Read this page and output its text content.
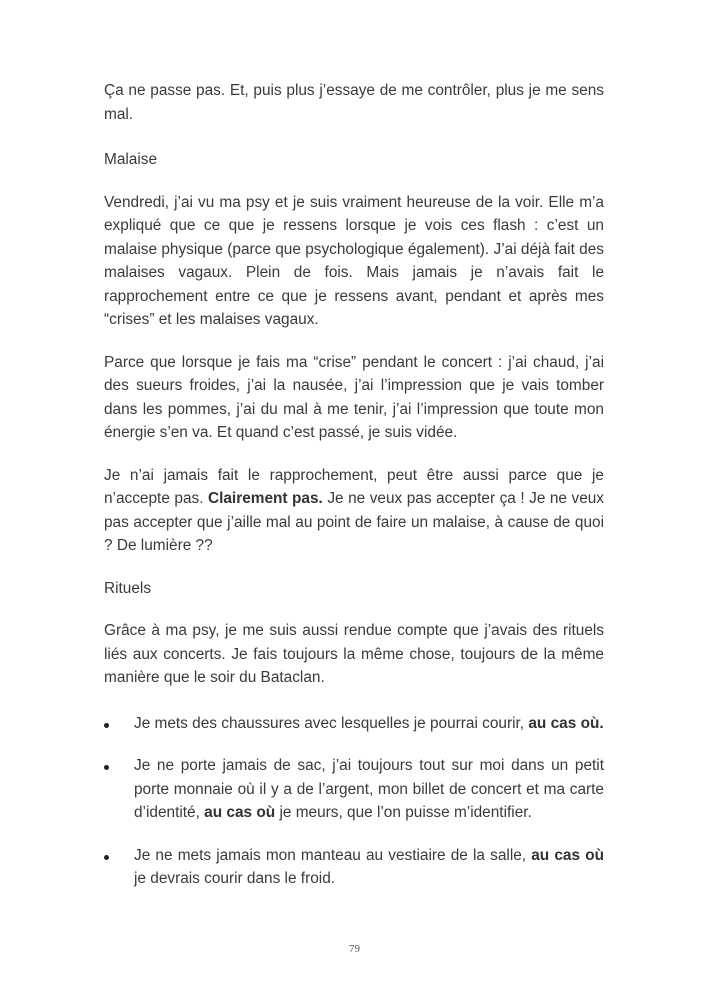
Ça ne passe pas. Et, puis plus j’essaye de me contrôler, plus je me sens mal.

Malaise

Vendredi, j’ai vu ma psy et je suis vraiment heureuse de la voir. Elle m’a expliqué que ce que je ressens lorsque je vois ces flash : c’est un malaise physique (parce que psychologique également). J’ai déjà fait des malaises vagaux. Plein de fois. Mais jamais je n’avais fait le rapprochement entre ce que je ressens avant, pendant et après mes “crises” et les malaises vagaux.

Parce que lorsque je fais ma “crise” pendant le concert : j’ai chaud, j’ai des sueurs froides, j’ai la nausée, j’ai l’impression que je vais tomber dans les pommes, j’ai du mal à me tenir, j’ai l’impression que toute mon énergie s’en va. Et quand c’est passé, je suis vidée.

Je n’ai jamais fait le rapprochement, peut être aussi parce que je n’accepte pas. Clairement pas. Je ne veux pas accepter ça ! Je ne veux pas accepter que j’aille mal au point de faire un malaise, à cause de quoi ? De lumière ??

Rituels

Grâce à ma psy, je me suis aussi rendue compte que j’avais des rituels liés aux concerts. Je fais toujours la même chose, toujours de la même manière que le soir du Bataclan.

Je mets des chaussures avec lesquelles je pourrai courir, au cas où.
Je ne porte jamais de sac, j’ai toujours tout sur moi dans un petit porte monnaie où il y a de l’argent, mon billet de concert et ma carte d’identité, au cas où je meurs, que l’on puisse m’identifier.
Je ne mets jamais mon manteau au vestiaire de la salle, au cas où je devrais courir dans le froid.
79
